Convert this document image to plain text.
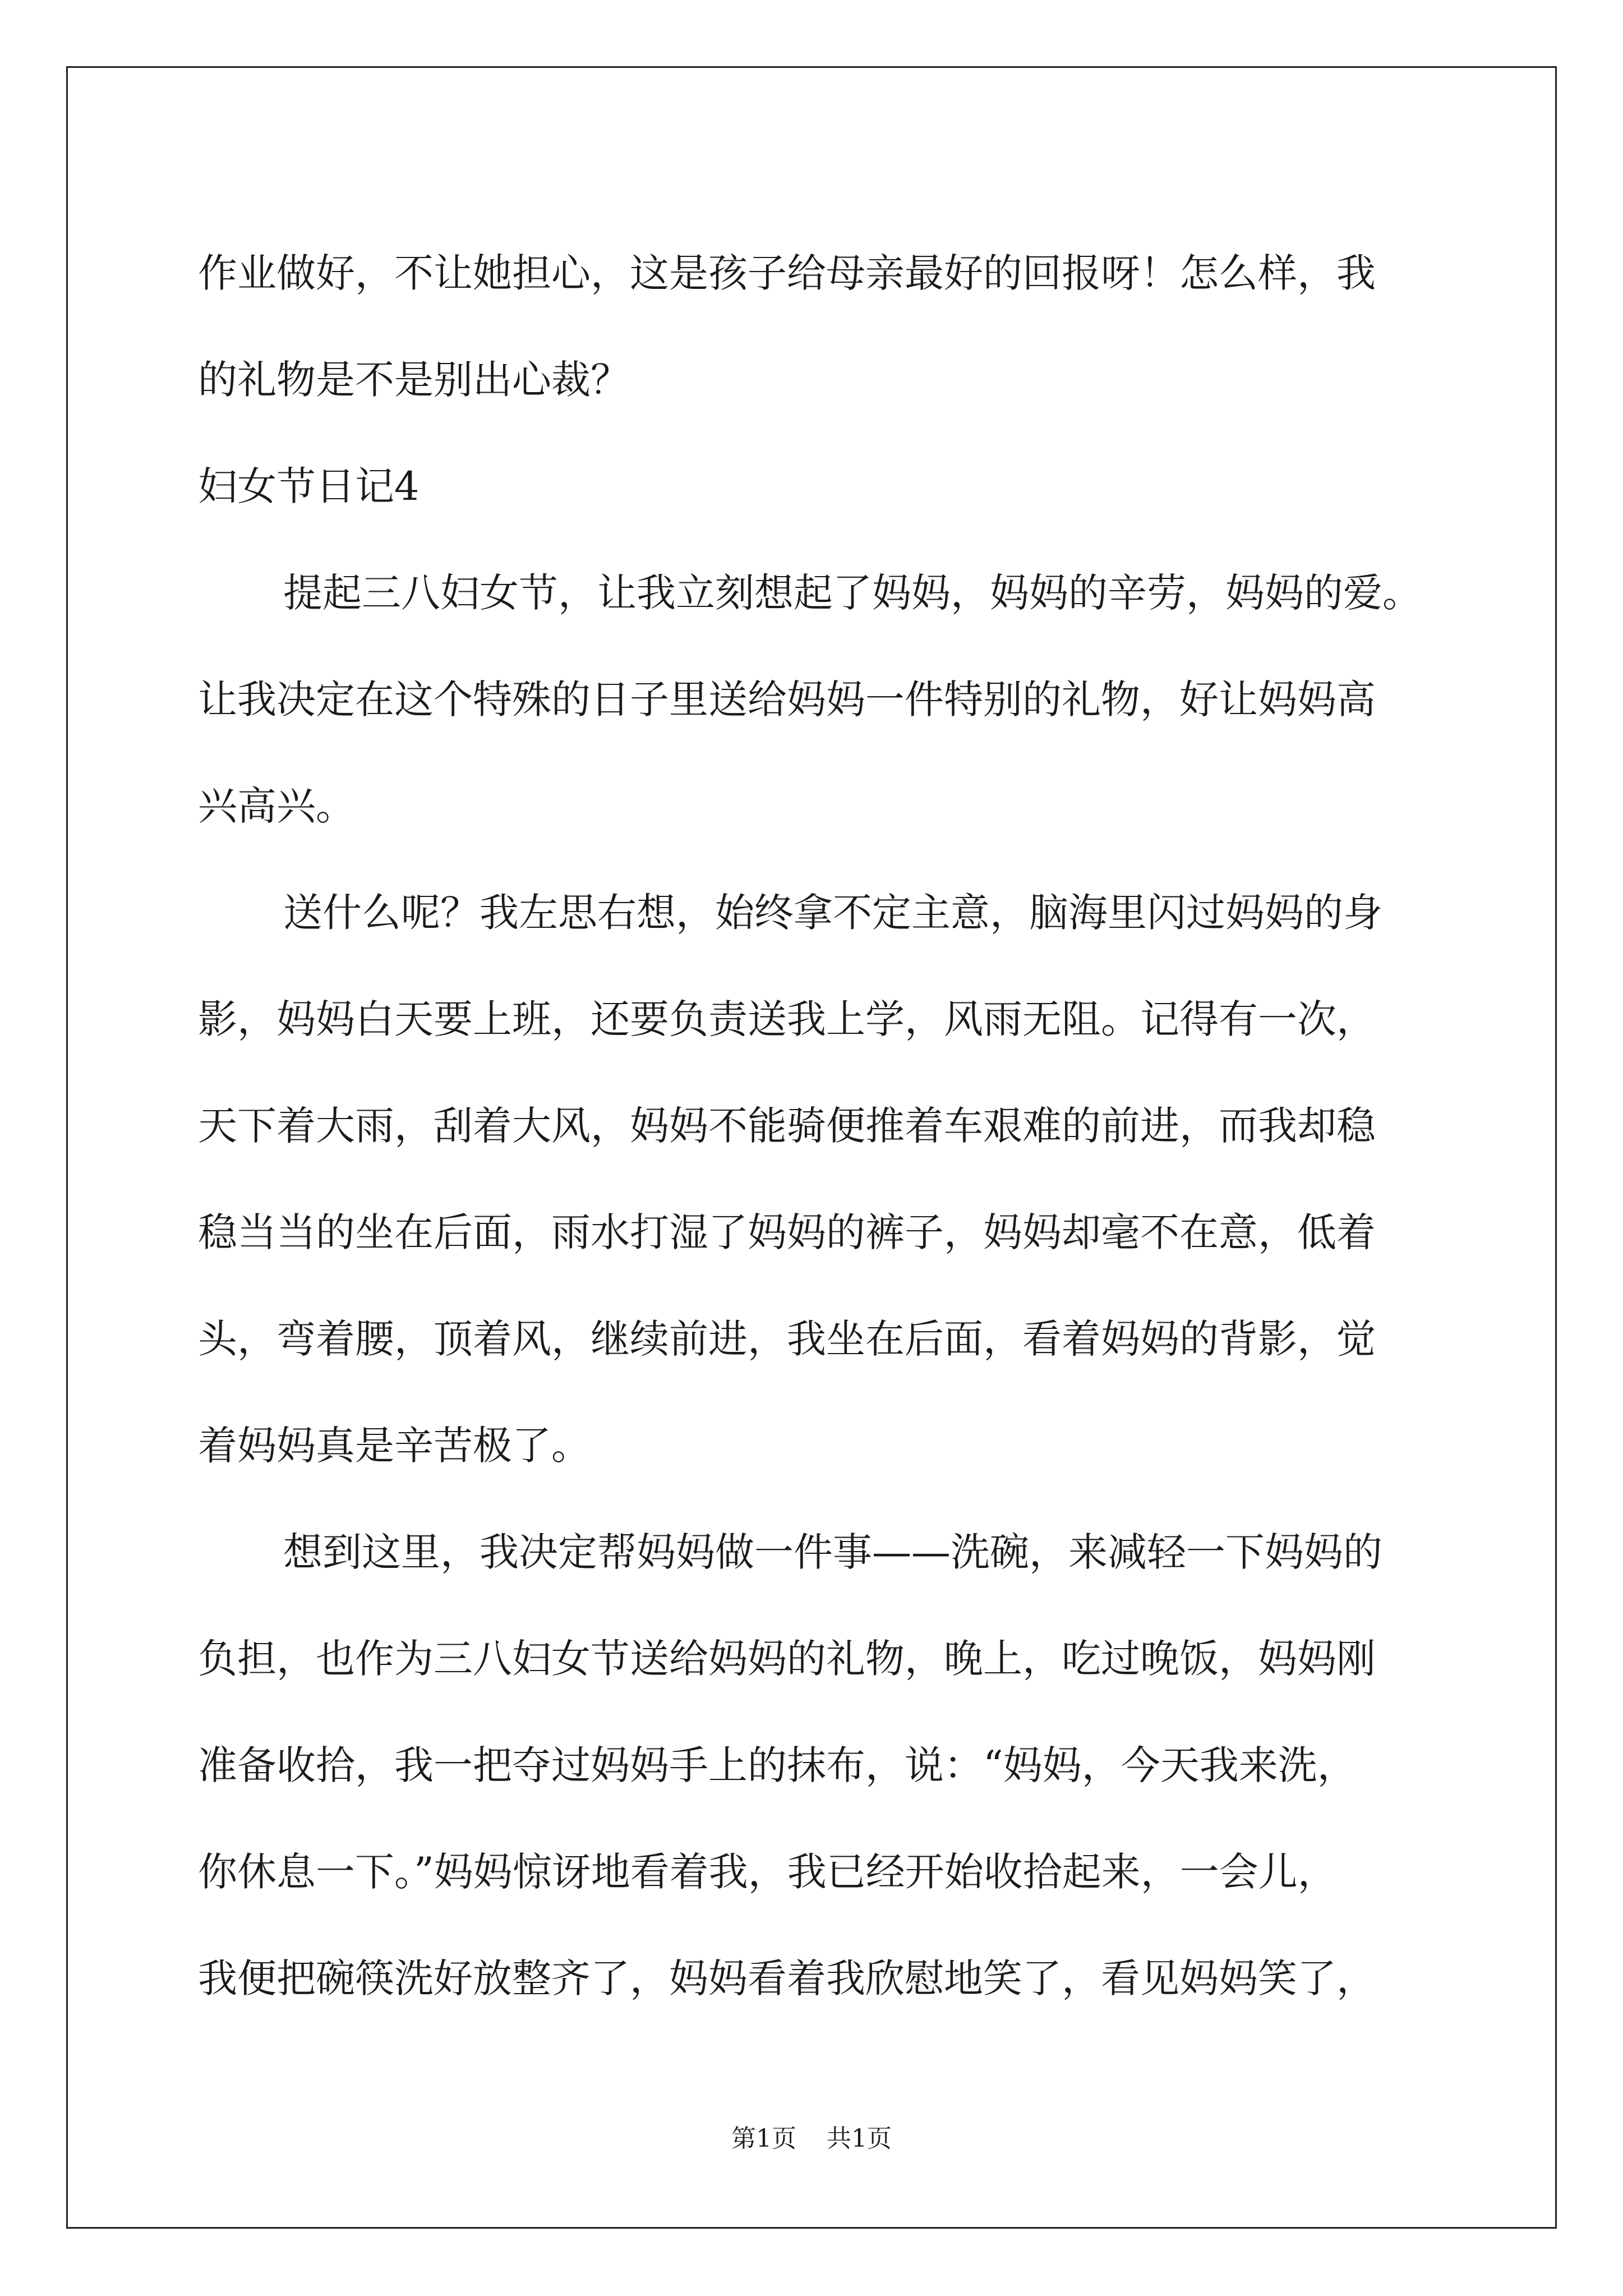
作业做好，不让她担心，这是孩子给母亲最好的回报呀！怎么样，我
的礼物是不是别出心裁？
妇女节日记4
提起三八妇女节，让我立刻想起了妈妈，妈妈的辛劳，妈妈的爱。
让我决定在这个特殊的日子里送给妈妈一件特别的礼物，好让妈妈高
兴高兴。
送什么呢？我左思右想，始终拿不定主意，脑海里闪过妈妈的身
影，妈妈白天要上班，还要负责送我上学，风雨无阻。记得有一次，
天下着大雨，刮着大风，妈妈不能骑便推着车艰难的前进，而我却稳
稳当当的坐在后面，雨水打湿了妈妈的裤子，妈妈却毫不在意，低着
头，弯着腰，顶着风，继续前进，我坐在后面，看着妈妈的背影，觉
着妈妈真是辛苦极了。
想到这里，我决定帮妈妈做一件事——洗碗，来减轻一下妈妈的
负担，也作为三八妇女节送给妈妈的礼物，晚上，吃过晚饭，妈妈刚
准备收拾，我一把夺过妈妈手上的抹布，说：“妈妈，今天我来洗，
你休息一下。”妈妈惊讶地看着我，我已经开始收拾起来，一会儿，
我便把碗筷洗好放整齐了，妈妈看着我欣慰地笑了，看见妈妈笑了，
第1页 共1页
